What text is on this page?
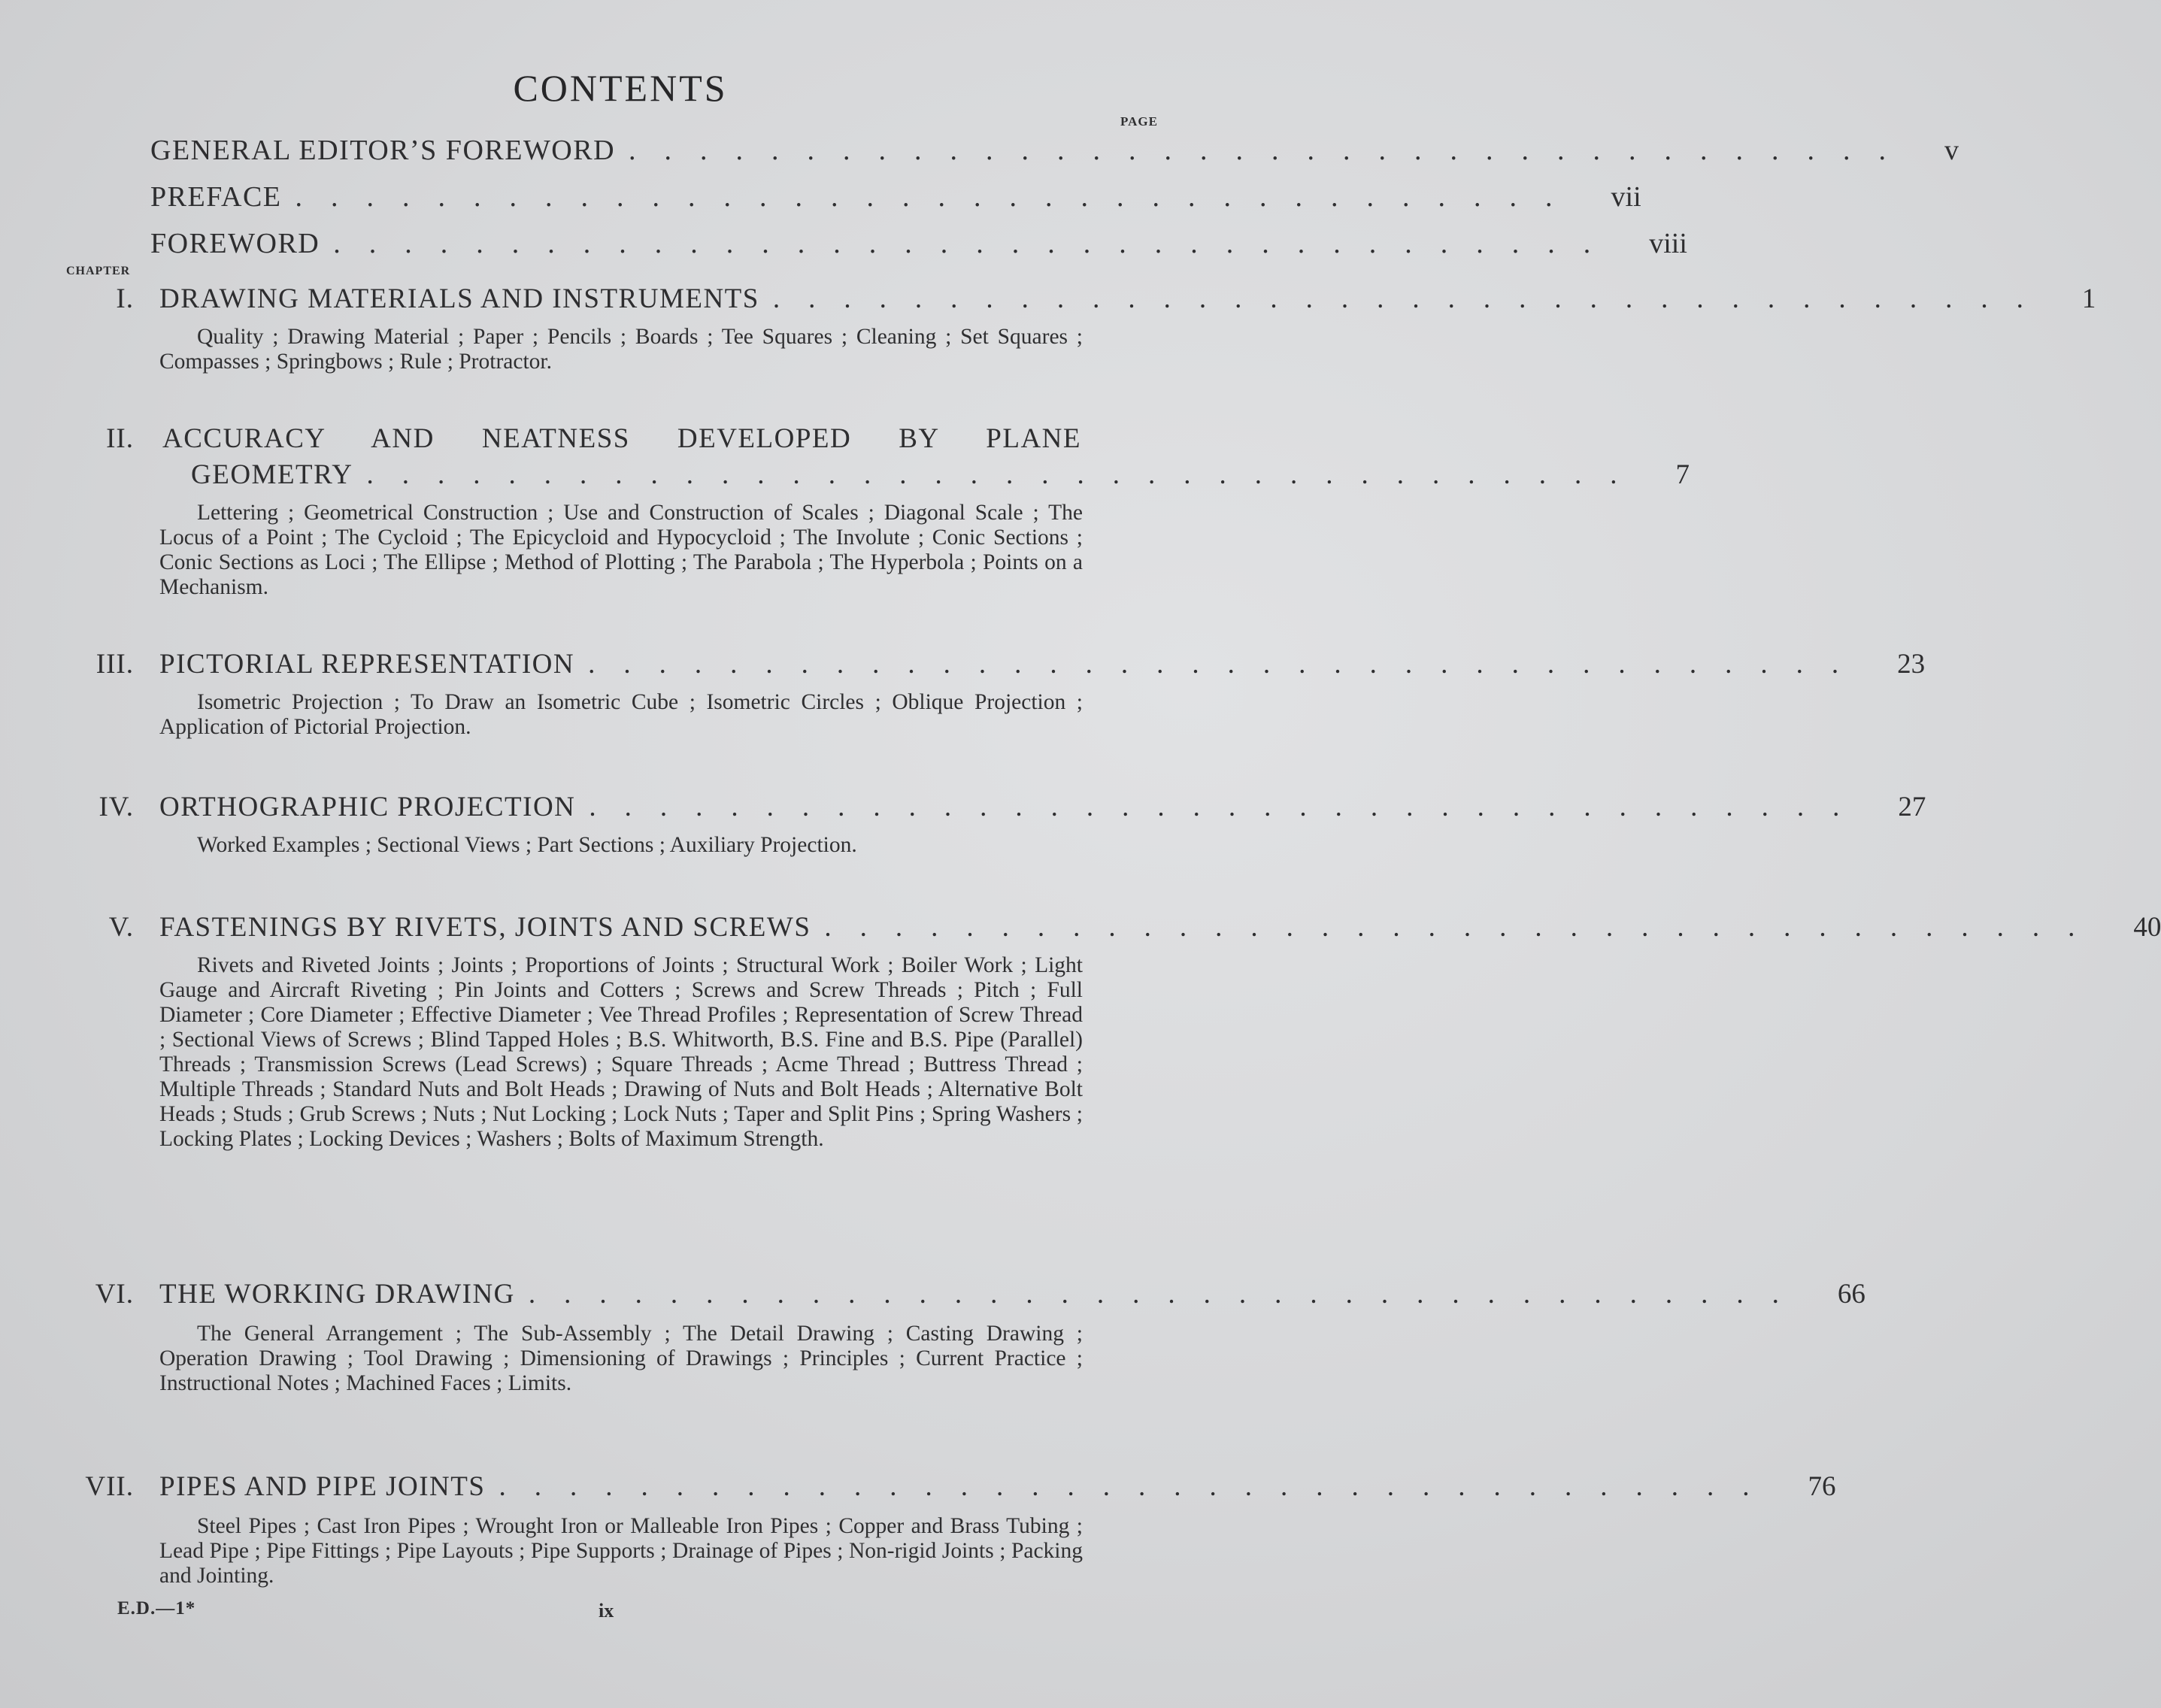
CONTENTS
PAGE
GENERAL EDITOR’S FOREWORD .................................... v
PREFACE .................................... vii
FOREWORD .................................... viii
CHAPTER
I. DRAWING MATERIALS AND INSTRUMENTS .................................... 1
Quality ; Drawing Material ; Paper ; Pencils ; Boards ; Tee Squares ; Cleaning ; Set Squares ; Compasses ; Springbows ; Rule ; Protractor.
II. ACCURACY AND NEATNESS DEVELOPED BY PLANE
GEOMETRY .................................... 7
Lettering ; Geometrical Construction ; Use and Construction of Scales ; Diagonal Scale ; The Locus of a Point ; The Cycloid ; The Epicycloid and Hypocycloid ; The Involute ; Conic Sections ; Conic Sections as Loci ; The Ellipse ; Method of Plotting ; The Parabola ; The Hyperbola ; Points on a Mechanism.
III. PICTORIAL REPRESENTATION .................................... 23
Isometric Projection ; To Draw an Isometric Cube ; Isometric Circles ; Oblique Projection ; Application of Pictorial Projection.
IV. ORTHOGRAPHIC PROJECTION .................................... 27
Worked Examples ; Sectional Views ; Part Sections ; Auxiliary Projection.
V. FASTENINGS BY RIVETS, JOINTS AND SCREWS .................................... 40
Rivets and Riveted Joints ; Joints ; Proportions of Joints ; Structural Work ; Boiler Work ; Light Gauge and Aircraft Riveting ; Pin Joints and Cotters ; Screws and Screw Threads ; Pitch ; Full Diameter ; Core Diameter ; Effective Diameter ; Vee Thread Profiles ; Representation of Screw Thread ; Sectional Views of Screws ; Blind Tapped Holes ; B.S. Whitworth, B.S. Fine and B.S. Pipe (Parallel) Threads ; Transmission Screws (Lead Screws) ; Square Threads ; Acme Thread ; Buttress Thread ; Multiple Threads ; Standard Nuts and Bolt Heads ; Drawing of Nuts and Bolt Heads ; Alternative Bolt Heads ; Studs ; Grub Screws ; Nuts ; Nut Locking ; Lock Nuts ; Taper and Split Pins ; Spring Washers ; Locking Plates ; Locking Devices ; Washers ; Bolts of Maximum Strength.
VI. THE WORKING DRAWING .................................... 66
The General Arrangement ; The Sub-Assembly ; The Detail Drawing ; Casting Drawing ; Operation Drawing ; Tool Drawing ; Dimensioning of Drawings ; Principles ; Current Practice ; Instructional Notes ; Machined Faces ; Limits.
VII. PIPES AND PIPE JOINTS .................................... 76
Steel Pipes ; Cast Iron Pipes ; Wrought Iron or Malleable Iron Pipes ; Copper and Brass Tubing ; Lead Pipe ; Pipe Fittings ; Pipe Layouts ; Pipe Supports ; Drainage of Pipes ; Non-rigid Joints ; Packing and Jointing.
E.D.—1*	ix
